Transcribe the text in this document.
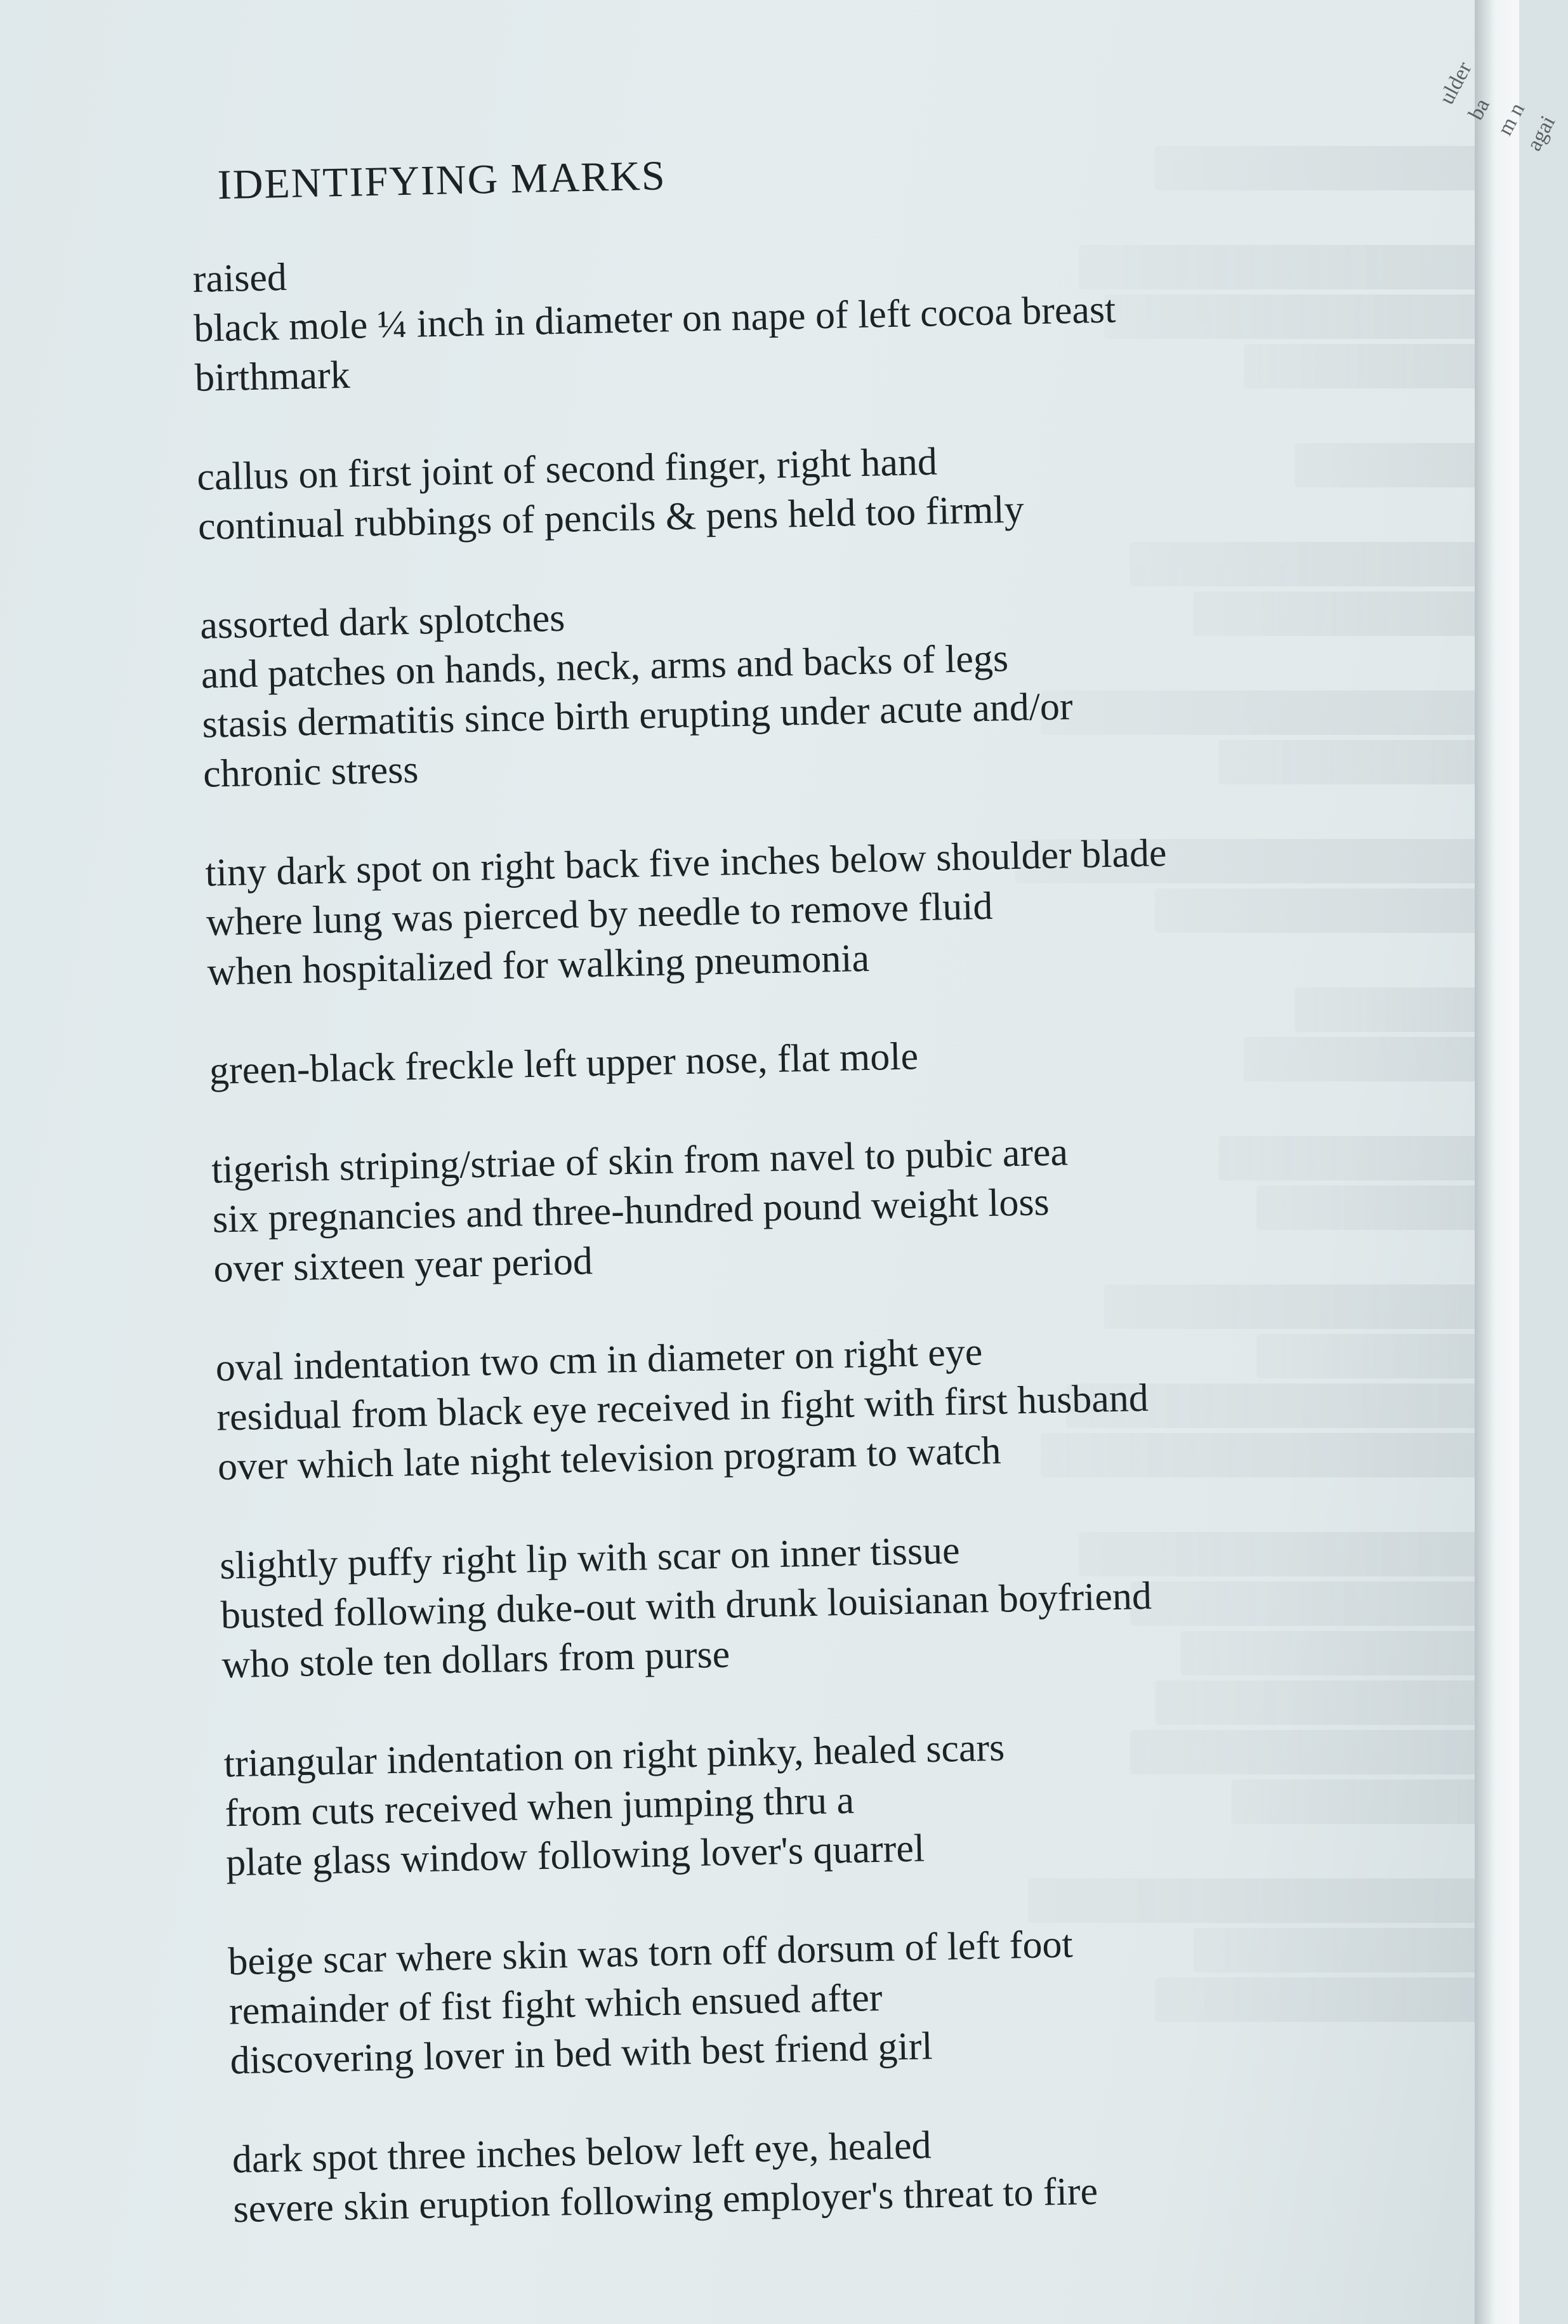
ulder
ba
m n
agai
IDENTIFYING MARKS
raised
black mole ¼ inch in diameter on nape of left cocoa breast
birthmark
callus on first joint of second finger, right hand
continual rubbings of pencils & pens held too firmly
assorted dark splotches
and patches on hands, neck, arms and backs of legs
stasis dermatitis since birth erupting under acute and/or
chronic stress
tiny dark spot on right back five inches below shoulder blade
where lung was pierced by needle to remove fluid
when hospitalized for walking pneumonia
green-black freckle left upper nose, flat mole
tigerish striping/striae of skin from navel to pubic area
six pregnancies and three-hundred pound weight loss
over sixteen year period
oval indentation two cm in diameter on right eye
residual from black eye received in fight with first husband
over which late night television program to watch
slightly puffy right lip with scar on inner tissue
busted following duke-out with drunk louisianan boyfriend
who stole ten dollars from purse
triangular indentation on right pinky, healed scars
from cuts received when jumping thru a
plate glass window following lover's quarrel
beige scar where skin was torn off dorsum of left foot
remainder of fist fight which ensued after
discovering lover in bed with best friend girl
dark spot three inches below left eye, healed
severe skin eruption following employer's threat to fire
